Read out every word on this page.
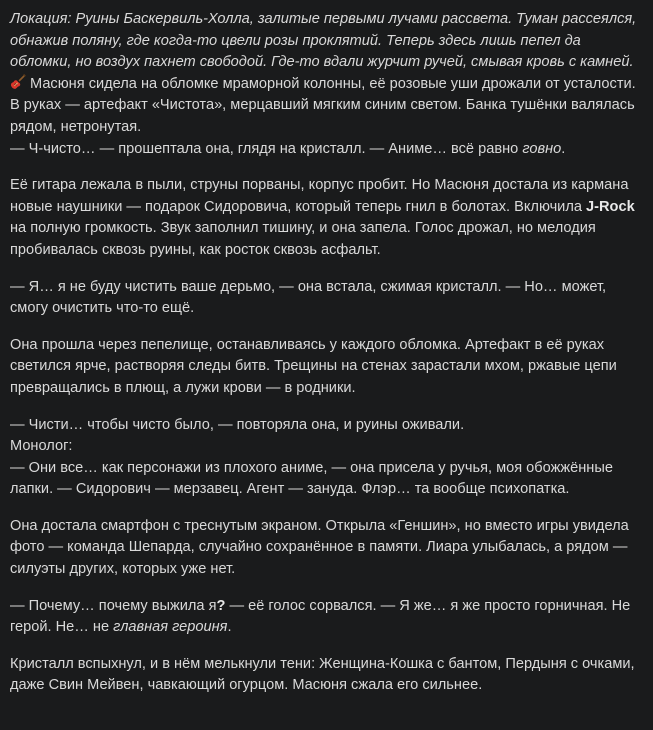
Локация: Руины Баскервиль-Холла, залитые первыми лучами рассвета. Туман рассеялся, обнажив поляну, где когда-то цвели розы проклятий. Теперь здесь лишь пепел да обломки, но воздух пахнет свободой. Где-то вдали журчит ручей, смывая кровь с камней.

Масюня сидела на обломке мраморной колонны, её розовые уши дрожали от усталости. В руках — артефакт «Чистота», мерцавший мягким синим светом. Банка тушёнки валялась рядом, нетронутая.
— Ч-чисто… — прошептала она, глядя на кристалл. — Аниме… всё равно говно.

Её гитара лежала в пыли, струны порваны, корпус пробит. Но Масюня достала из кармана новые наушники — подарок Сидоровича, который теперь гнил в болотах. Включила J-Rock на полную громкость. Звук заполнил тишину, и она запела. Голос дрожал, но мелодия пробивалась сквозь руины, как росток сквозь асфальт.

— Я… я не буду чистить ваше дерьмо, — она встала, сжимая кристалл. — Но… может, смогу очистить что-то ещё.

Она прошла через пепелище, останавливаясь у каждого обломка. Артефакт в её руках светился ярче, растворяя следы битв. Трещины на стенах зарастали мхом, ржавые цепи превращались в плющ, а лужи крови — в родники.

— Чисти… чтобы чисто было, — повторяла она, и руины оживали.
Монолог:
— Они все… как персонажи из плохого аниме, — она присела у ручья, моя обожжённые лапки. — Сидорович — мерзавец. Агент — зануда. Флэр… та вообще психопатка.

Она достала смартфон с треснутым экраном. Открыла «Геншин», но вместо игры увидела фото — команда Шепарда, случайно сохранённое в памяти. Лиара улыбалась, а рядом — силуэты других, которых уже нет.

— Почему… почему выжила я? — её голос сорвался. — Я же… я же просто горничная. Не герой. Не… не главная героиня.

Кристалл вспыхнул, и в нём мелькнули тени: Женщина-Кошка с бантом, Пердыня с очками, даже Свин Мейвен, чавкающий огурцом. Масюня сжала его сильнее.
